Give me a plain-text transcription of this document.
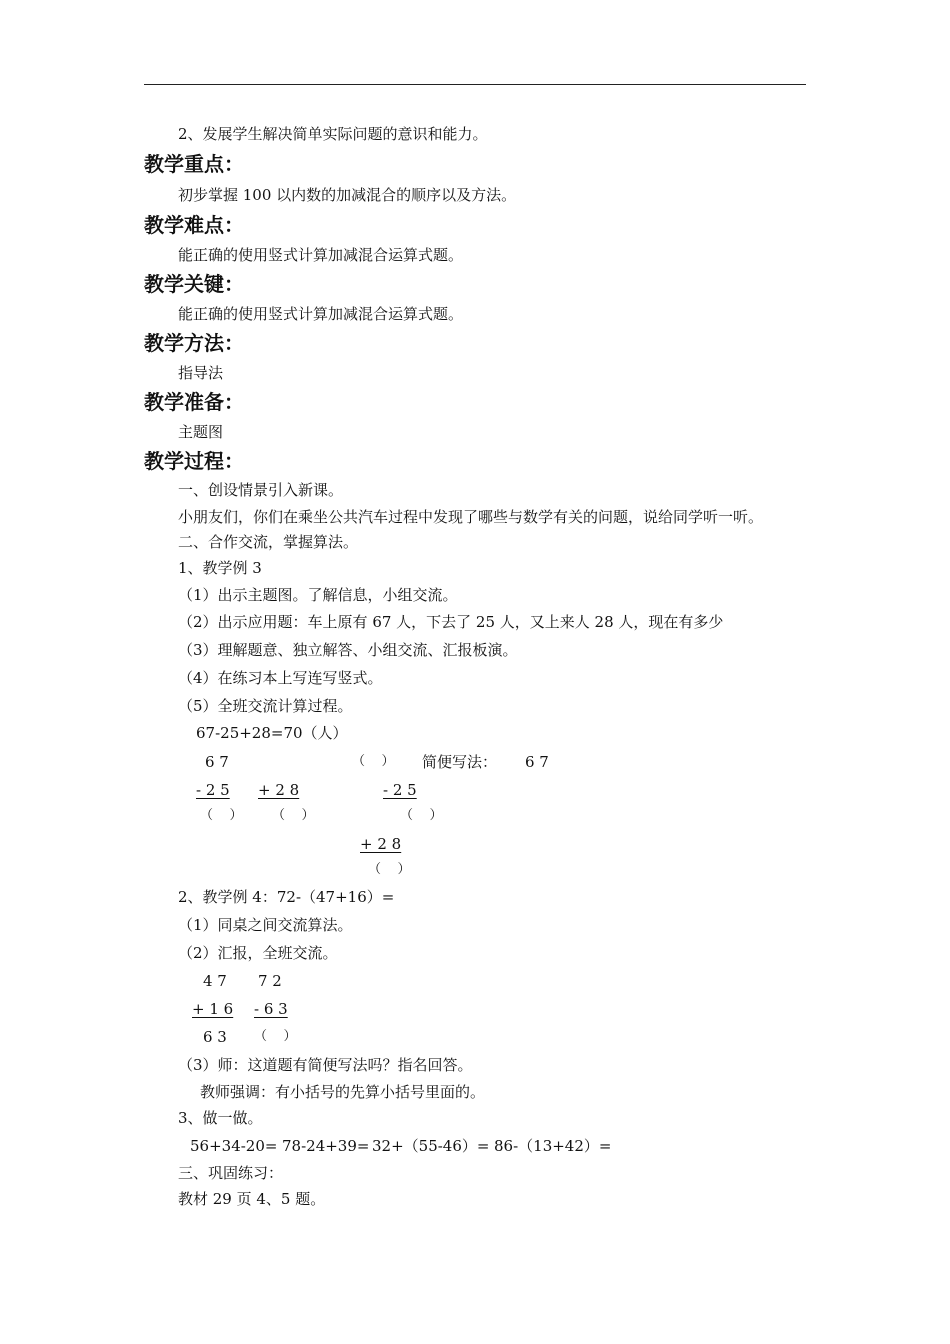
2、发展学生解决简单实际问题的意识和能力。
教学重点：
初步掌握 100 以内数的加减混合的顺序以及方法。
教学难点：
能正确的使用竖式计算加减混合运算式题。
教学关键：
能正确的使用竖式计算加减混合运算式题。
教学方法：
指导法
教学准备：
主题图
教学过程：
一、创设情景引入新课。
小朋友们，你们在乘坐公共汽车过程中发现了哪些与数学有关的问题，说给同学听一听。
二、合作交流，掌握算法。
1、教学例 3
（1）出示主题图。了解信息，小组交流。
（2）出示应用题：车上原有 67 人，下去了 25 人，又上来人 28 人，现在有多少
（3）理解题意、独立解答、小组交流、汇报板演。
（4）在练习本上写连写竖式。
（5）全班交流计算过程。
67-25+28=70（人）
6 7	（    ） 简便写法： 6 7
- 2 5 + 2 8	- 2 5
（    ） （    ）	（    ）
+ 2 8
（    ）
2、教学例 4：72-（47+16）=
（1）同桌之间交流算法。
（2）汇报，全班交流。
4 7 7 2
+ 1 6 - 6 3
6 3 （    ）
（3）师：这道题有简便写法吗？指名回答。
教师强调：有小括号的先算小括号里面的。
3、做一做。
56+34-20= 78-24+39= 32+（55-46）= 86-（13+42）=
三、巩固练习：
教材 29 页 4、5 题。
